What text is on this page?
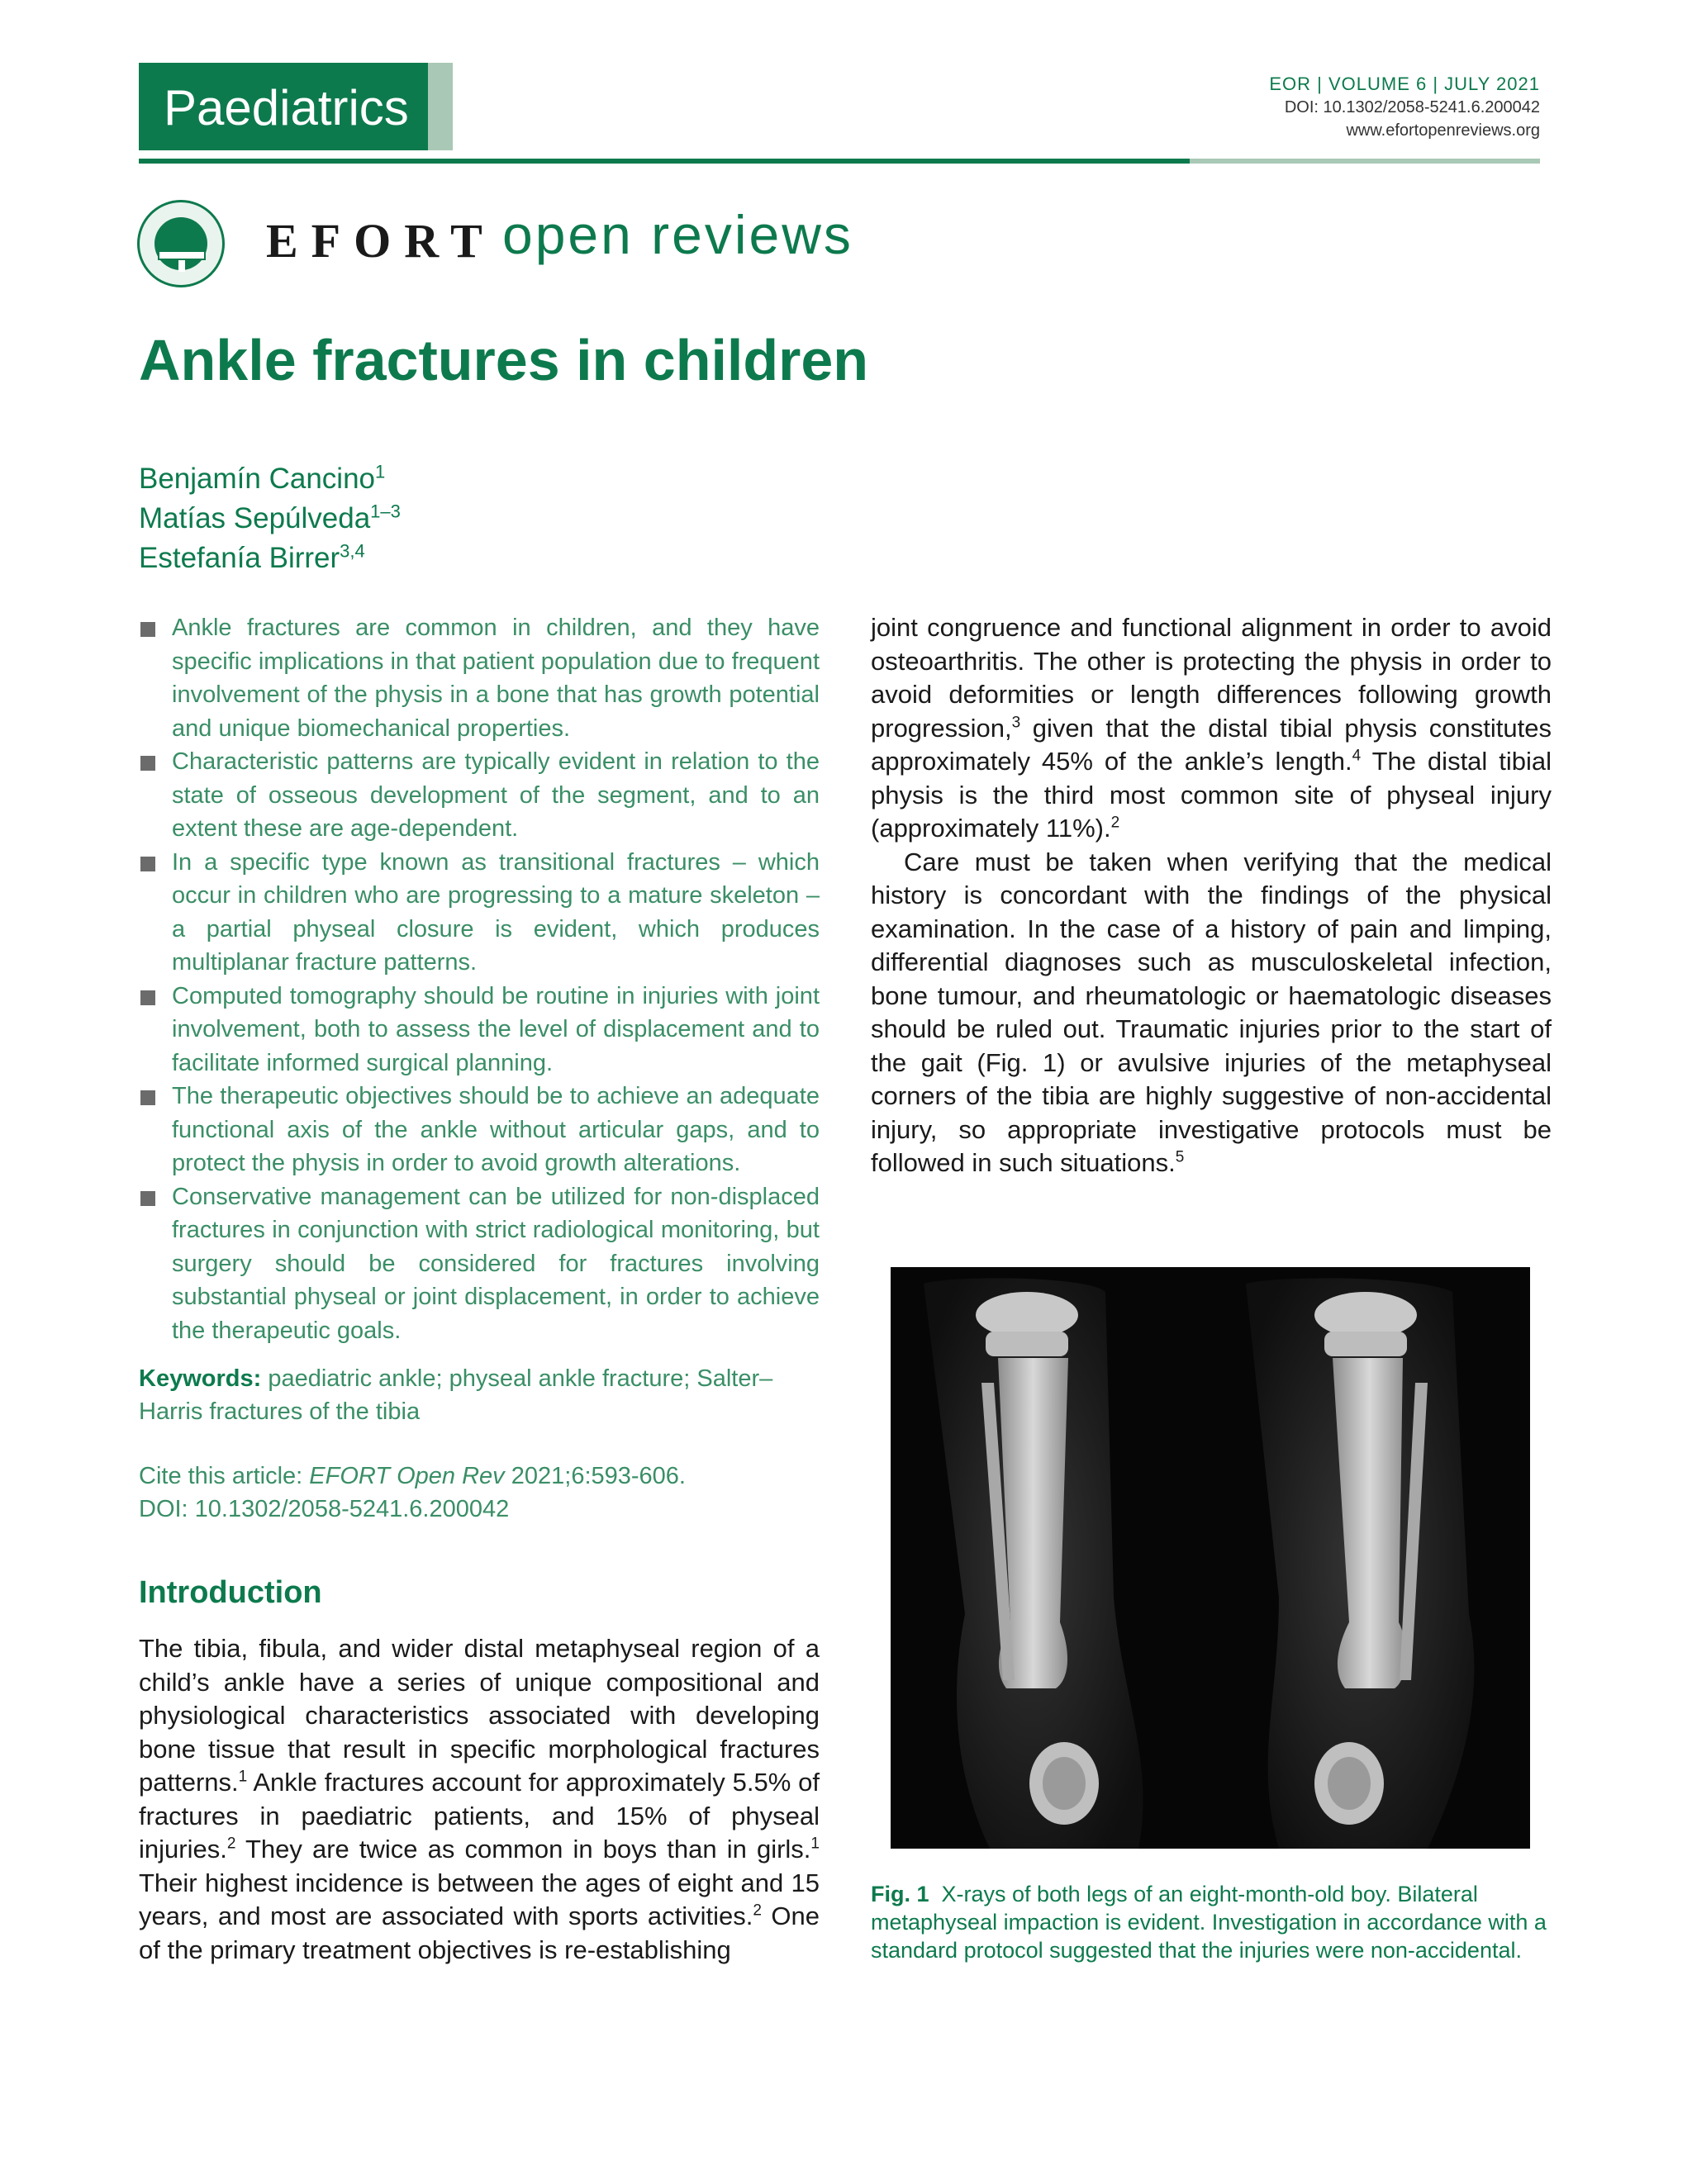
Paediatrics	EOR | VOLUME 6 | JULY 2021
DOI: 10.1302/2058-5241.6.200042
www.efortopenreviews.org
EFORT open reviews
Ankle fractures in children
Benjamín Cancino$^1$
Matías Sepúlveda$^{1-3}$
Estefanía Birrer$^{3,4}$
Ankle fractures are common in children, and they have specific implications in that patient population due to frequent involvement of the physis in a bone that has growth potential and unique biomechanical properties.
Characteristic patterns are typically evident in relation to the state of osseous development of the segment, and to an extent these are age-dependent.
In a specific type known as transitional fractures – which occur in children who are progressing to a mature skeleton – a partial physeal closure is evident, which produces multiplanar fracture patterns.
Computed tomography should be routine in injuries with joint involvement, both to assess the level of displacement and to facilitate informed surgical planning.
The therapeutic objectives should be to achieve an adequate functional axis of the ankle without articular gaps, and to protect the physis in order to avoid growth alterations.
Conservative management can be utilized for non-displaced fractures in conjunction with strict radiological monitoring, but surgery should be considered for fractures involving substantial physeal or joint displacement, in order to achieve the therapeutic goals.

Keywords: paediatric ankle; physeal ankle fracture; Salter–Harris fractures of the tibia

Cite this article: EFORT Open Rev 2021;6:593-606.
DOI: 10.1302/2058-5241.6.200042
Introduction

The tibia, fibula, and wider distal metaphyseal region of a child’s ankle have a series of unique compositional and physiological characteristics associated with developing bone tissue that result in specific morphological fractures patterns.$^1$ Ankle fractures account for approximately 5.5% of fractures in paediatric patients, and 15% of physeal injuries.$^2$ They are twice as common in boys than in girls.$^1$ Their highest incidence is between the ages of eight and 15 years, and most are associated with sports activities.$^2$ One of the primary treatment objectives is re-establishing

joint congruence and functional alignment in order to avoid osteoarthritis. The other is protecting the physis in order to avoid deformities or length differences following growth progression,$^3$ given that the distal tibial physis constitutes approximately 45% of the ankle’s length.$^4$ The distal tibial physis is the third most common site of physeal injury (approximately 11%).$^2$

Care must be taken when verifying that the medical history is concordant with the findings of the physical examination. In the case of a history of pain and limping, differential diagnoses such as musculoskeletal infection, bone tumour, and rheumatologic or haematologic diseases should be ruled out. Traumatic injuries prior to the start of the gait (Fig. 1) or avulsive injuries of the metaphyseal corners of the tibia are highly suggestive of non-accidental injury, so appropriate investigative protocols must be followed in such situations.$^5$

Fig. 1 X-rays of both legs of an eight-month-old boy. Bilateral metaphyseal impaction is evident. Investigation in accordance with a standard protocol suggested that the injuries were non-accidental.
